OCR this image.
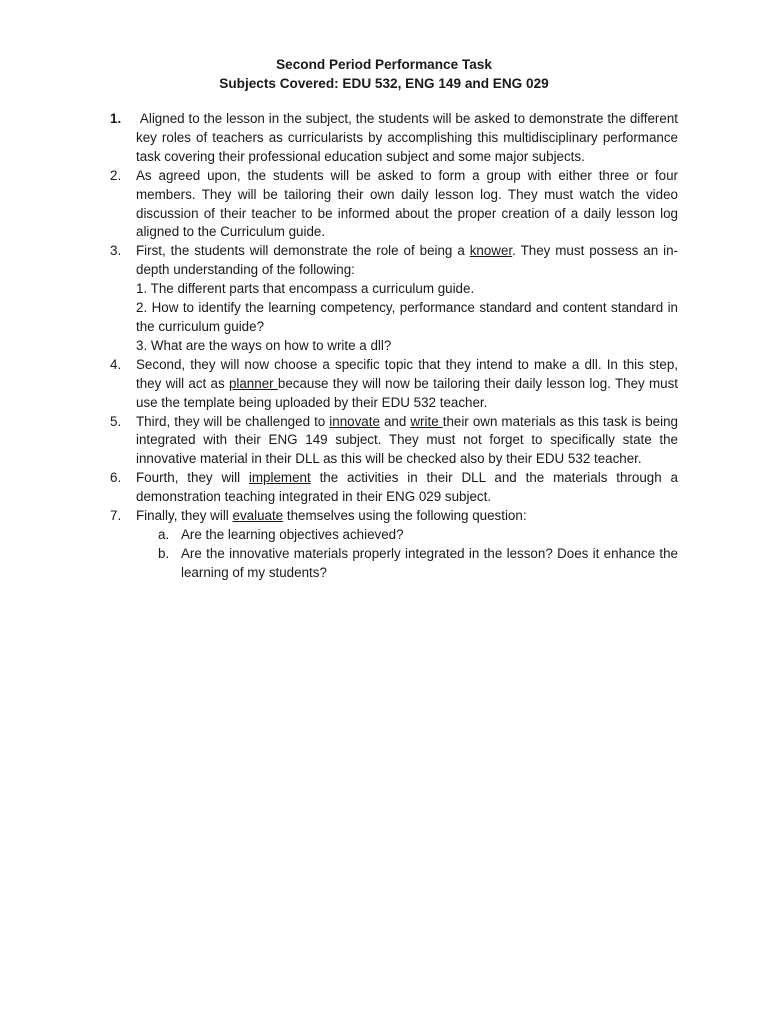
Second Period Performance Task
Subjects Covered: EDU 532, ENG 149 and ENG 029
1. Aligned to the lesson in the subject, the students will be asked to demonstrate the different key roles of teachers as curricularists by accomplishing this multidisciplinary performance task covering their professional education subject and some major subjects.
2. As agreed upon, the students will be asked to form a group with either three or four members. They will be tailoring their own daily lesson log. They must watch the video discussion of their teacher to be informed about the proper creation of a daily lesson log aligned to the Curriculum guide.
3. First, the students will demonstrate the role of being a knower. They must possess an in-depth understanding of the following:
1. The different parts that encompass a curriculum guide.
2. How to identify the learning competency, performance standard and content standard in the curriculum guide?
3. What are the ways on how to write a dll?
4. Second, they will now choose a specific topic that they intend to make a dll. In this step, they will act as planner because they will now be tailoring their daily lesson log. They must use the template being uploaded by their EDU 532 teacher.
5. Third, they will be challenged to innovate and write their own materials as this task is being integrated with their ENG 149 subject. They must not forget to specifically state the innovative material in their DLL as this will be checked also by their EDU 532 teacher.
6. Fourth, they will implement the activities in their DLL and the materials through a demonstration teaching integrated in their ENG 029 subject.
7. Finally, they will evaluate themselves using the following question:
a. Are the learning objectives achieved?
b. Are the innovative materials properly integrated in the lesson? Does it enhance the learning of my students?
